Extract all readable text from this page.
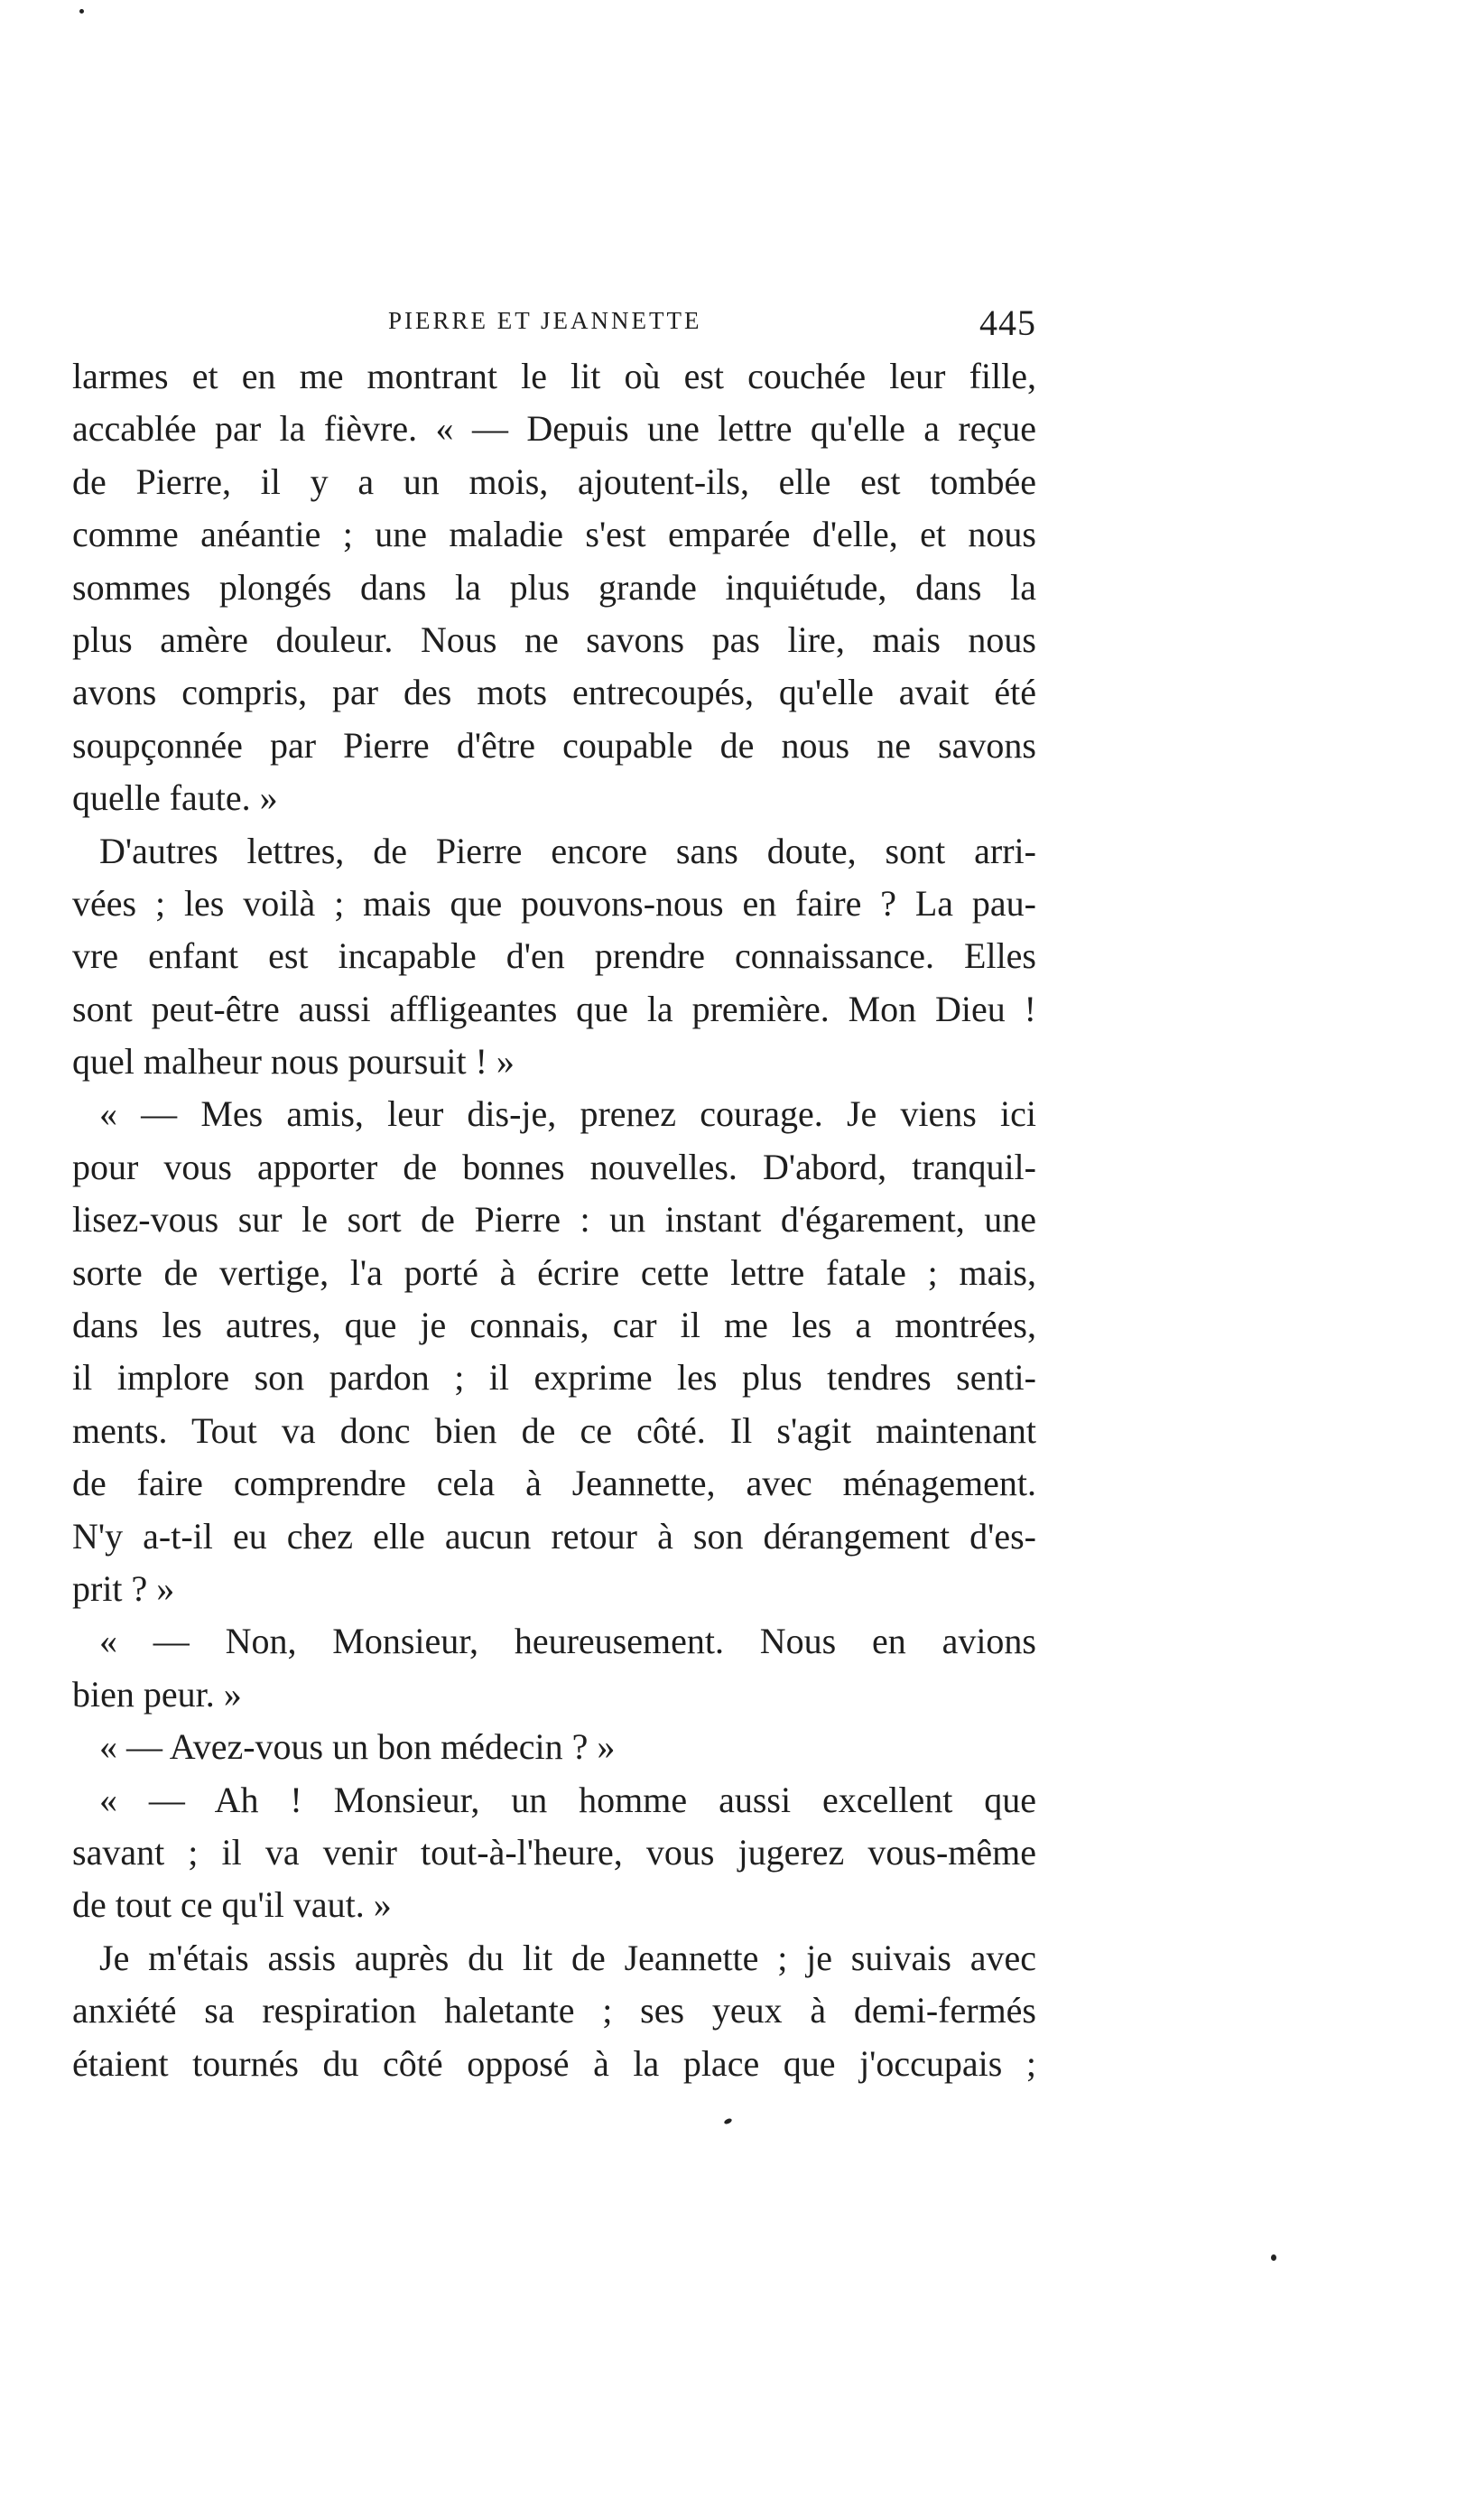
PIERRE ET JEANNETTE	445
larmes et en me montrant le lit où est couchée leur fille,
accablée par la fièvre. « — Depuis une lettre qu'elle a reçue
de Pierre, il y a un mois, ajoutent-ils, elle est tombée
comme anéantie ; une maladie s'est emparée d'elle, et nous
sommes plongés dans la plus grande inquiétude, dans la
plus amère douleur. Nous ne savons pas lire, mais nous
avons compris, par des mots entrecoupés, qu'elle avait été
soupçonnée par Pierre d'être coupable de nous ne savons
quelle faute. »
D'autres lettres, de Pierre encore sans doute, sont arri-
vées ; les voilà ; mais que pouvons-nous en faire ? La pau-
vre enfant est incapable d'en prendre connaissance. Elles
sont peut-être aussi affligeantes que la première. Mon Dieu !
quel malheur nous poursuit ! »
« — Mes amis, leur dis-je, prenez courage. Je viens ici
pour vous apporter de bonnes nouvelles. D'abord, tranquil-
lisez-vous sur le sort de Pierre : un instant d'égarement, une
sorte de vertige, l'a porté à écrire cette lettre fatale ; mais,
dans les autres, que je connais, car il me les a montrées,
il implore son pardon ; il exprime les plus tendres senti-
ments. Tout va donc bien de ce côté. Il s'agit maintenant
de faire comprendre cela à Jeannette, avec ménagement.
N'y a-t-il eu chez elle aucun retour à son dérangement d'es-
prit ? »
« — Non, Monsieur, heureusement. Nous en avions
bien peur. »
« — Avez-vous un bon médecin ? »
« — Ah ! Monsieur, un homme aussi excellent que
savant ; il va venir tout-à-l'heure, vous jugerez vous-même
de tout ce qu'il vaut. »
Je m'étais assis auprès du lit de Jeannette ; je suivais avec
anxiété sa respiration haletante ; ses yeux à demi-fermés
étaient tournés du côté opposé à la place que j'occupais ;
